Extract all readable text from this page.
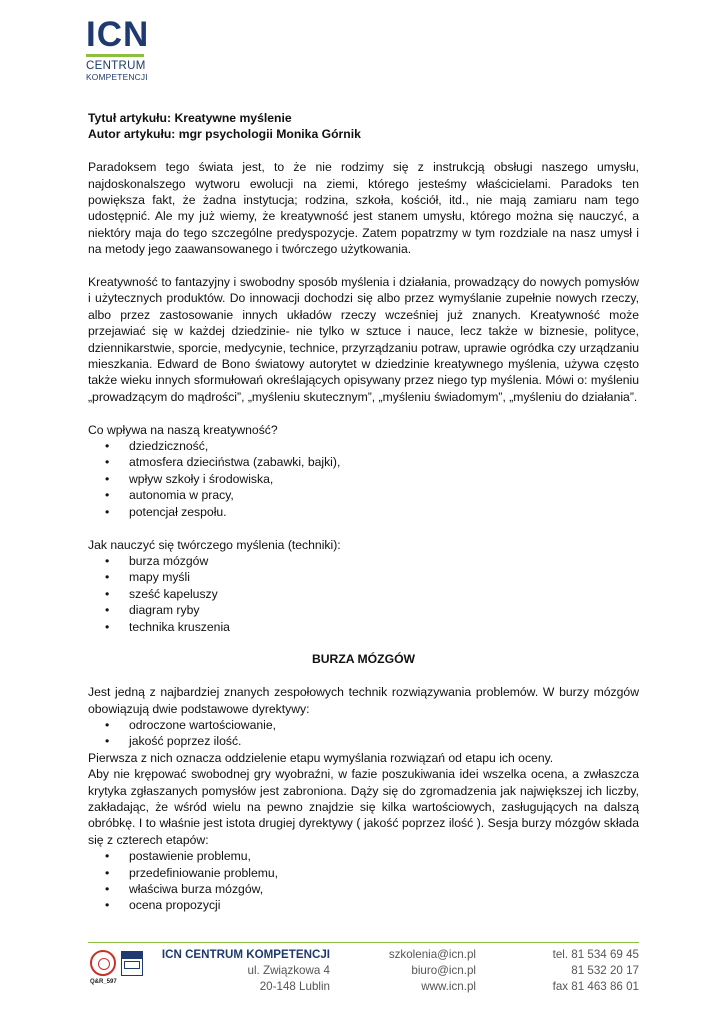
ICN
CENTRUM
KOMPETENCJI

Tytuł artykułu: Kreatywne myślenie

Autor artykułu: mgr psychologii Monika Górnik

Paradoksem tego świata jest, to że nie rodzimy się z instrukcją obsługi naszego umysłu, najdoskonalszego wytworu ewolucji na ziemi, którego jesteśmy właścicielami. Paradoks ten powiększa fakt, że żadna instytucja; rodzina, szkoła, kościół, itd., nie mają zamiaru nam tego udostępnić. Ale my już wiemy, że kreatywność jest stanem umysłu, którego można się nauczyć, a niektóry maja do tego szczególne predyspozycje. Zatem popatrzmy w tym rozdziale na nasz umysł i na metody jego zaawansowanego i twórczego użytkowania.

Kreatywność to fantazyjny i swobodny sposób myślenia i działania, prowadzący do nowych pomysłów i użytecznych produktów. Do innowacji dochodzi się albo przez wymyślanie zupełnie nowych rzeczy, albo przez zastosowanie innych układów rzeczy wcześniej już znanych. Kreatywność może przejawiać się w każdej dziedzinie- nie tylko w sztuce i nauce, lecz także w biznesie, polityce, dziennikarstwie, sporcie, medycynie, technice, przyrządzaniu potraw, uprawie ogródka czy urządzaniu mieszkania. Edward de Bono światowy autorytet w dziedzinie kreatywnego myślenia, używa często także wieku innych sformułowań określających opisywany przez niego typ myślenia. Mówi o: myśleniu „prowadzącym do mądrości”, „myśleniu skutecznym”, „myśleniu świadomym”, „myśleniu do działania”.

Co wpływa na naszą kreatywność?

• dziedziczność,
• atmosfera dzieciństwa (zabawki, bajki),
• wpływ szkoły i środowiska,
• autonomia w pracy,
• potencjał zespołu.

Jak nauczyć się twórczego myślenia (techniki):

• burza mózgów
• mapy myśli
• sześć kapeluszy
• diagram ryby
• technika kruszenia

BURZA MÓZGÓW

Jest jedną z najbardziej znanych zespołowych technik rozwiązywania problemów. W burzy mózgów obowiązują dwie podstawowe dyrektywy:

• odroczone wartościowanie,
• jakość poprzez ilość.

Pierwsza z nich oznacza oddzielenie etapu wymyślania rozwiązań od etapu ich oceny.

Aby nie krępować swobodnej gry wyobraźni, w fazie poszukiwania idei wszelka ocena, a zwłaszcza krytyka zgłaszanych pomysłów jest zabroniona. Dąży się do zgromadzenia jak największej ich liczby, zakładając, że wśród wielu na pewno znajdzie się kilka wartościowych, zasługujących na dalszą obróbkę. I to właśnie jest istota drugiej dyrektywy ( jakość poprzez ilość ). Sesja burzy mózgów składa się z czterech etapów:

• postawienie problemu,
• przedefiniowanie problemu,
• właściwa burza mózgów,
• ocena propozycji
Q&R_597
ICN CENTRUM KOMPETENCJI
ul. Związkowa 4
20-148 Lublin
szkolenia@icn.pl
biuro@icn.pl
www.icn.pl
tel. 81 534 69 45
81 532 20 17
fax 81 463 86 01
